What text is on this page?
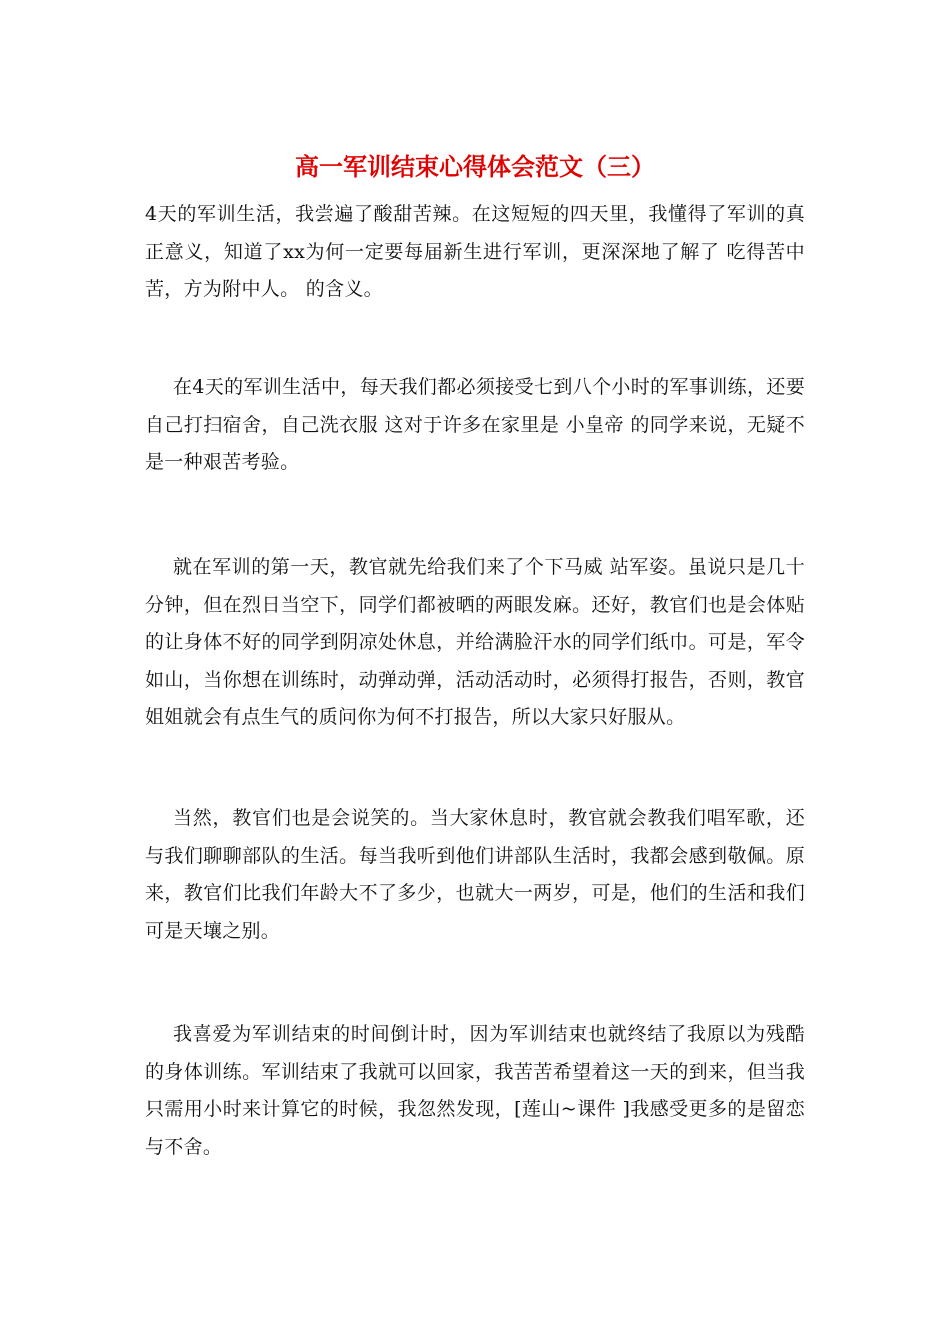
高一军训结束心得体会范文（三）

4天的军训生活，我尝遍了酸甜苦辣。在这短短的四天里，我懂得了军训的真正意义，知道了xx为何一定要每届新生进行军训，更深深地了解了 吃得苦中苦，方为附中人。 的含义。

在4天的军训生活中，每天我们都必须接受七到八个小时的军事训练，还要自己打扫宿舍，自己洗衣服 这对于许多在家里是 小皇帝 的同学来说，无疑不是一种艰苦考验。

就在军训的第一天，教官就先给我们来了个下马威 站军姿。虽说只是几十分钟，但在烈日当空下，同学们都被晒的两眼发麻。还好，教官们也是会体贴的让身体不好的同学到阴凉处休息，并给满脸汗水的同学们纸巾。可是，军令如山，当你想在训练时，动弹动弹，活动活动时，必须得打报告，否则，教官姐姐就会有点生气的质问你为何不打报告，所以大家只好服从。

当然，教官们也是会说笑的。当大家休息时，教官就会教我们唱军歌，还与我们聊聊部队的生活。每当我听到他们讲部队生活时，我都会感到敬佩。原来，教官们比我们年龄大不了多少，也就大一两岁，可是，他们的生活和我们可是天壤之别。

我喜爱为军训结束的时间倒计时，因为军训结束也就终结了我原以为残酷的身体训练。军训结束了我就可以回家，我苦苦希望着这一天的到来，但当我只需用小时来计算它的时候，我忽然发现，[莲山~课件 ]我感受更多的是留恋与不舍。
